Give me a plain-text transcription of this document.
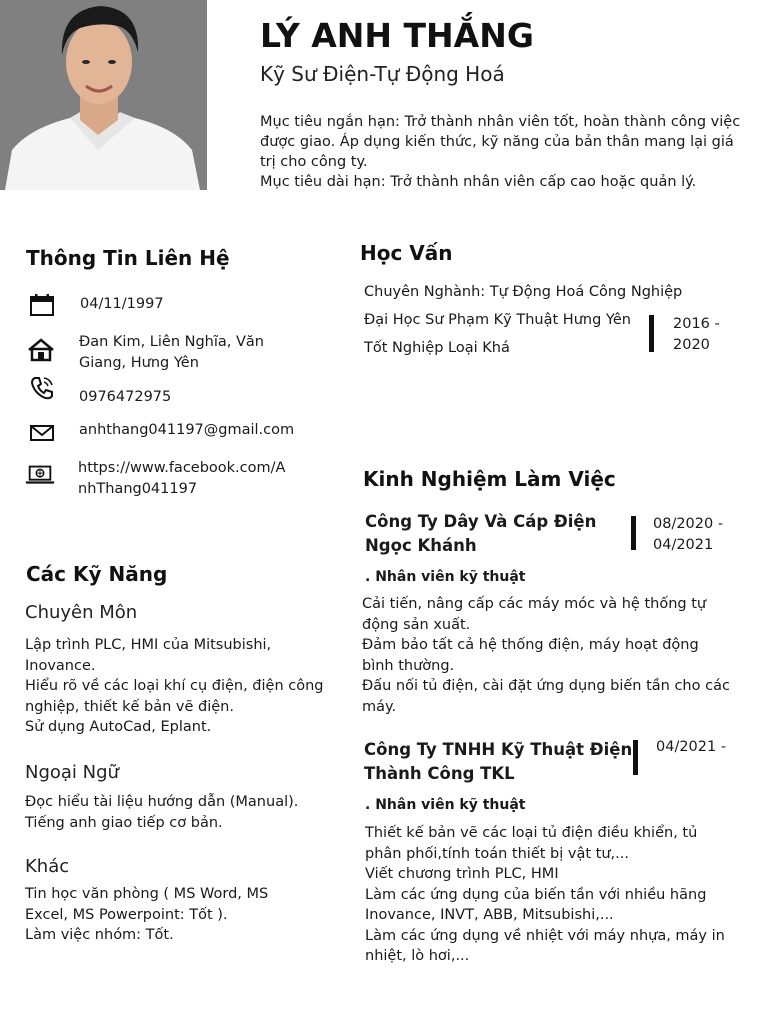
LÝ ANH THẮNG
Kỹ Sư Điện-Tự Động Hoá
Mục tiêu ngắn hạn: Trở thành nhân viên tốt, hoàn thành công việc được giao. Áp dụng kiến thức, kỹ năng của bản thân mang lại giá trị cho công ty.
Mục tiêu dài hạn: Trở thành nhân viên cấp cao hoặc quản lý.
Thông Tin Liên Hệ
04/11/1997
Đan Kim, Liên Nghĩa, Văn
Giang, Hưng Yên
0976472975
anhthang041197@gmail.com
https://www.facebook.com/A
nhThang041197
Các Kỹ Năng
Chuyên Môn
Lập trình PLC, HMI của Mitsubishi,
Inovance.
Hiểu rõ về các loại khí cụ điện, điện công
nghiệp, thiết kế bản vẽ điện.
Sử dụng AutoCad, Eplant.
Ngoại Ngữ
Đọc hiểu tài liệu hướng dẫn (Manual).
Tiếng anh giao tiếp cơ bản.
Khác
Tin học văn phòng ( MS Word, MS
Excel, MS Powerpoint: Tốt ).
Làm việc nhóm: Tốt.
Học Vấn
Chuyên Nghành: Tự Động Hoá Công Nghiệp
Đại Học Sư Phạm Kỹ Thuật Hưng Yên
Tốt Nghiệp Loại Khá
2016 -
2020
Kinh Nghiệm Làm Việc
Công Ty Dây Và Cáp Điện
Ngọc Khánh
08/2020 -
04/2021
. Nhân viên kỹ thuật
Cải tiến, nâng cấp các máy móc và hệ thống tự
động sản xuất.
Đảm bảo tất cả hệ thống điện, máy hoạt động
bình thường.
Đấu nối tủ điện, cài đặt ứng dụng biến tần cho các
máy.
Công Ty TNHH Kỹ Thuật Điện
Thành Công TKL
04/2021 -
. Nhân viên kỹ thuật
Thiết kế bản vẽ các loại tủ điện điều khiển, tủ
phân phối,tính toán thiết bị vật tư,...
Viết chương trình PLC, HMI
Làm các ứng dụng của biến tần với nhiều hãng
Inovance, INVT, ABB, Mitsubishi,...
Làm các ứng dụng về nhiệt với máy nhựa, máy in
nhiệt, lò hơi,...
